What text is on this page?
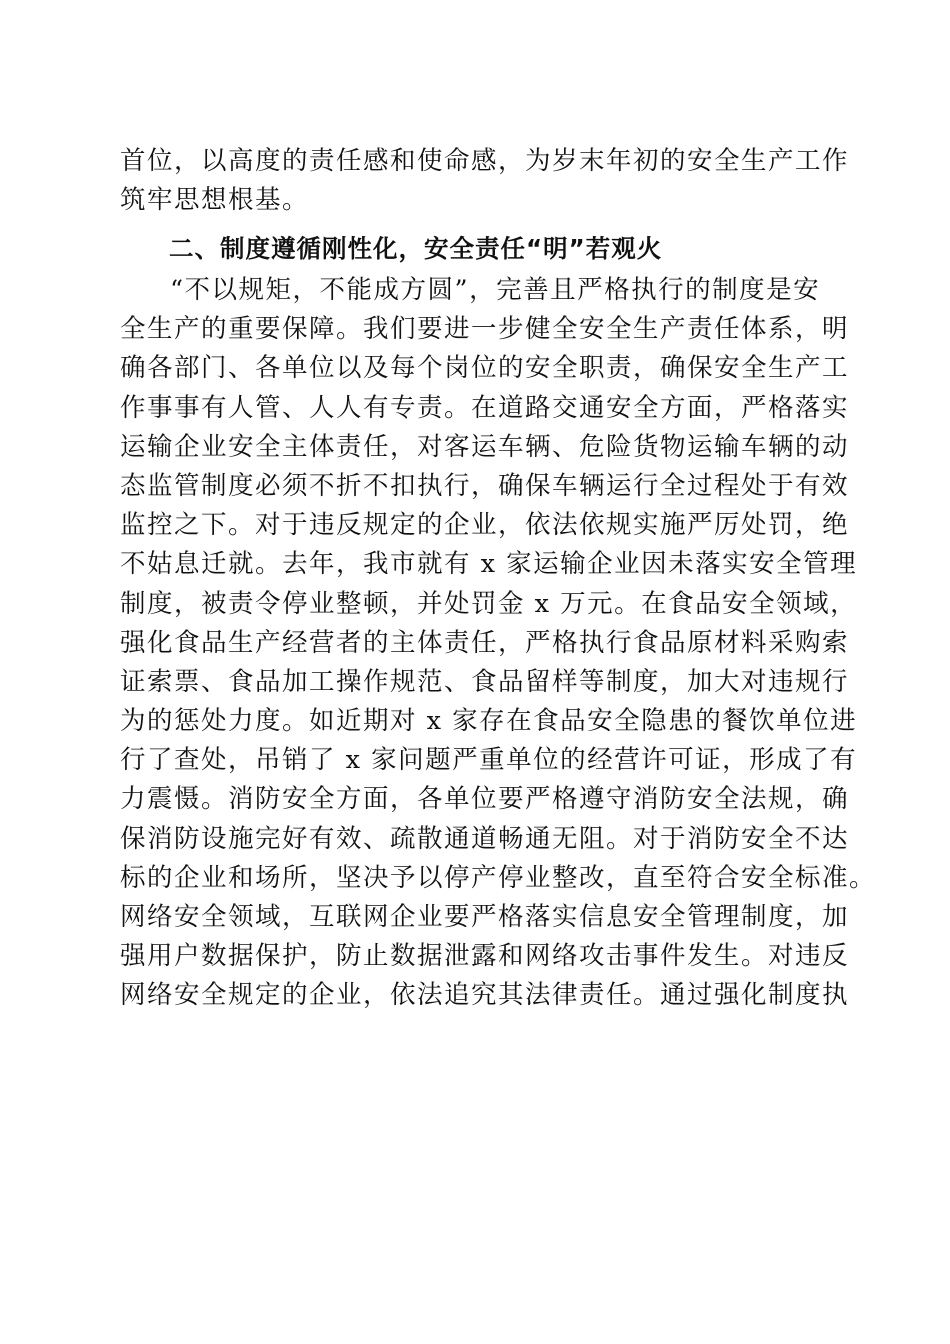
首位，以高度的责任感和使命感，为岁末年初的安全生产工作
筑牢思想根基。
二、制度遵循刚性化，安全责任“明”若观火
“不以规矩，不能成方圆”，完善且严格执行的制度是安
全生产的重要保障。我们要进一步健全安全生产责任体系，明
确各部门、各单位以及每个岗位的安全职责，确保安全生产工
作事事有人管、人人有专责。在道路交通安全方面，严格落实
运输企业安全主体责任，对客运车辆、危险货物运输车辆的动
态监管制度必须不折不扣执行，确保车辆运行全过程处于有效
监控之下。对于违反规定的企业，依法依规实施严厉处罚，绝
不姑息迁就。去年，我市就有 x 家运输企业因未落实安全管理
制度，被责令停业整顿，并处罚金 x 万元。在食品安全领域，
强化食品生产经营者的主体责任，严格执行食品原材料采购索
证索票、食品加工操作规范、食品留样等制度，加大对违规行
为的惩处力度。如近期对 x 家存在食品安全隐患的餐饮单位进
行了查处，吊销了 x 家问题严重单位的经营许可证，形成了有
力震慑。消防安全方面，各单位要严格遵守消防安全法规，确
保消防设施完好有效、疏散通道畅通无阻。对于消防安全不达
标的企业和场所，坚决予以停产停业整改，直至符合安全标准。
网络安全领域，互联网企业要严格落实信息安全管理制度，加
强用户数据保护，防止数据泄露和网络攻击事件发生。对违反
网络安全规定的企业，依法追究其法律责任。通过强化制度执
